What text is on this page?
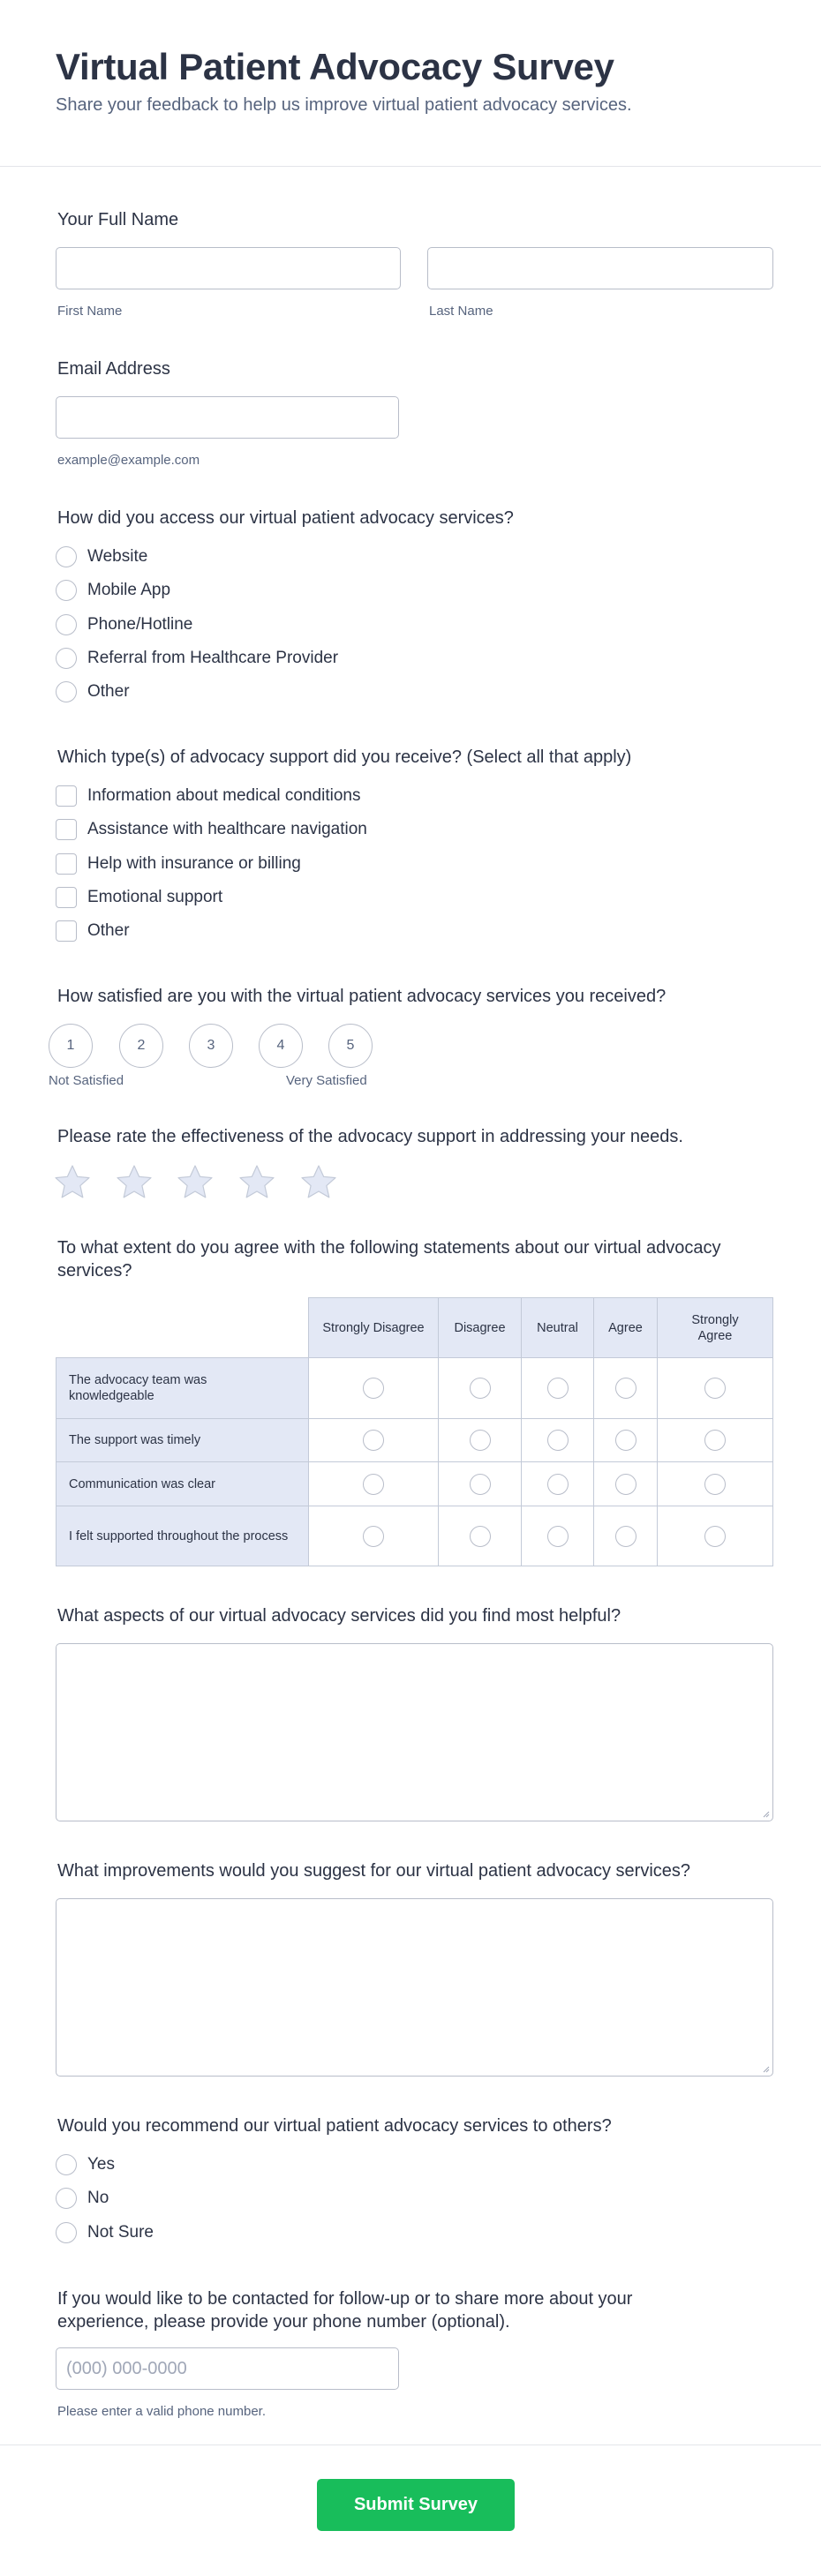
Virtual Patient Advocacy Survey
Share your feedback to help us improve virtual patient advocacy services.
Your Full Name
First Name	Last Name
Email Address
example@example.com
How did you access our virtual patient advocacy services?
Website
Mobile App
Phone/Hotline
Referral from Healthcare Provider
Other
Which type(s) of advocacy support did you receive? (Select all that apply)
Information about medical conditions
Assistance with healthcare navigation
Help with insurance or billing
Emotional support
Other
How satisfied are you with the virtual patient advocacy services you received?
1	2	3	4	5
Not Satisfied	Very Satisfied
Please rate the effectiveness of the advocacy support in addressing your needs.
To what extent do you agree with the following statements about our virtual advocacy services?
	Strongly Disagree	Disagree	Neutral	Agree	Strongly Agree
The advocacy team was knowledgeable					
The support was timely					
Communication was clear					
I felt supported throughout the process					
What aspects of our virtual advocacy services did you find most helpful?
What improvements would you suggest for our virtual patient advocacy services?
Would you recommend our virtual patient advocacy services to others?
Yes
No
Not Sure
If you would like to be contacted for follow-up or to share more about your experience, please provide your phone number (optional).
(000) 000-0000
Please enter a valid phone number.
Submit Survey
